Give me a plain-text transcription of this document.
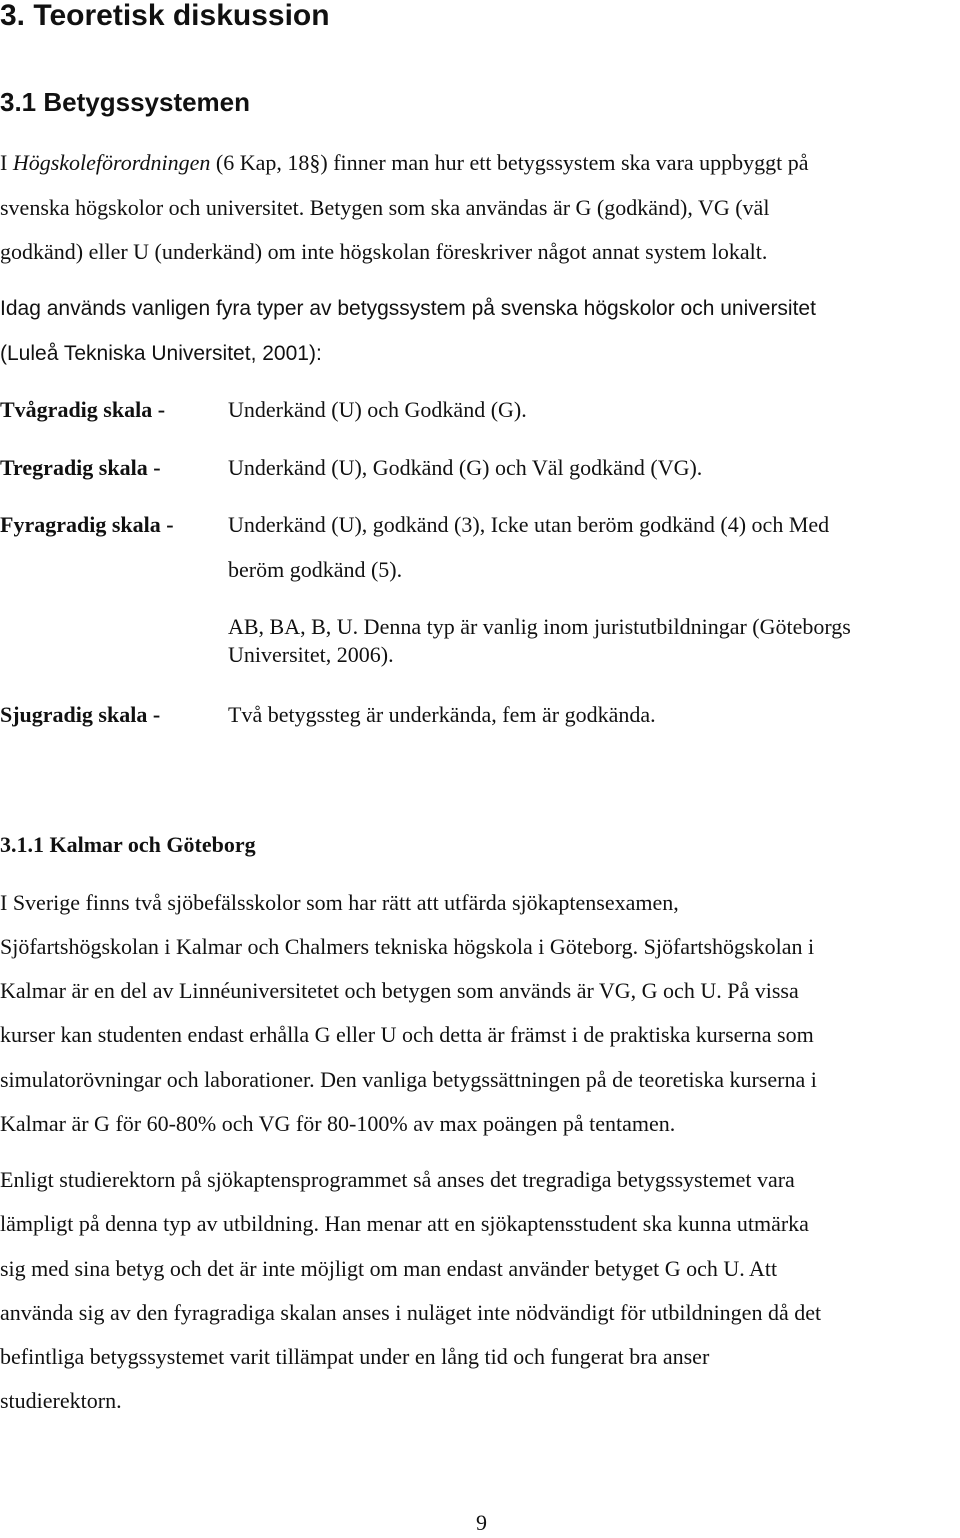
3. Teoretisk diskussion
3.1 Betygssystemen
I Högskoleförordningen (6 Kap, 18§) finner man hur ett betygssystem ska vara uppbyggt på
svenska högskolor och universitet. Betygen som ska användas är G (godkänd), VG (väl
godkänd) eller U (underkänd) om inte högskolan föreskriver något annat system lokalt.
Idag används vanligen fyra typer av betygssystem på svenska högskolor och universitet
(Luleå Tekniska Universitet, 2001):
Tvågradig skala -	Underkänd (U) och Godkänd (G).
Tregradig skala -	Underkänd (U), Godkänd (G) och Väl godkänd (VG).
Fyragradig skala - Underkänd (U), godkänd (3), Icke utan beröm godkänd (4) och Med
beröm godkänd (5).
AB, BA, B, U. Denna typ är vanlig inom juristutbildningar (Göteborgs
Universitet, 2006).
Sjugradig skala -	Två betygssteg är underkända, fem är godkända.
3.1.1 Kalmar och Göteborg
I Sverige finns två sjöbefälsskolor som har rätt att utfärda sjökaptensexamen,
Sjöfartshögskolan i Kalmar och Chalmers tekniska högskola i Göteborg. Sjöfartshögskolan i
Kalmar är en del av Linnéuniversitetet och betygen som används är VG, G och U. På vissa
kurser kan studenten endast erhålla G eller U och detta är främst i de praktiska kurserna som
simulatorövningar och laborationer. Den vanliga betygssättningen på de teoretiska kurserna i
Kalmar är G för 60-80% och VG för 80-100% av max poängen på tentamen.
Enligt studierektorn på sjökaptensprogrammet så anses det tregradiga betygssystemet vara
lämpligt på denna typ av utbildning. Han menar att en sjökaptensstudent ska kunna utmärka
sig med sina betyg och det är inte möjligt om man endast använder betyget G och U. Att
använda sig av den fyragradiga skalan anses i nuläget inte nödvändigt för utbildningen då det
befintliga betygssystemet varit tillämpat under en lång tid och fungerat bra anser
studierektorn.
9
